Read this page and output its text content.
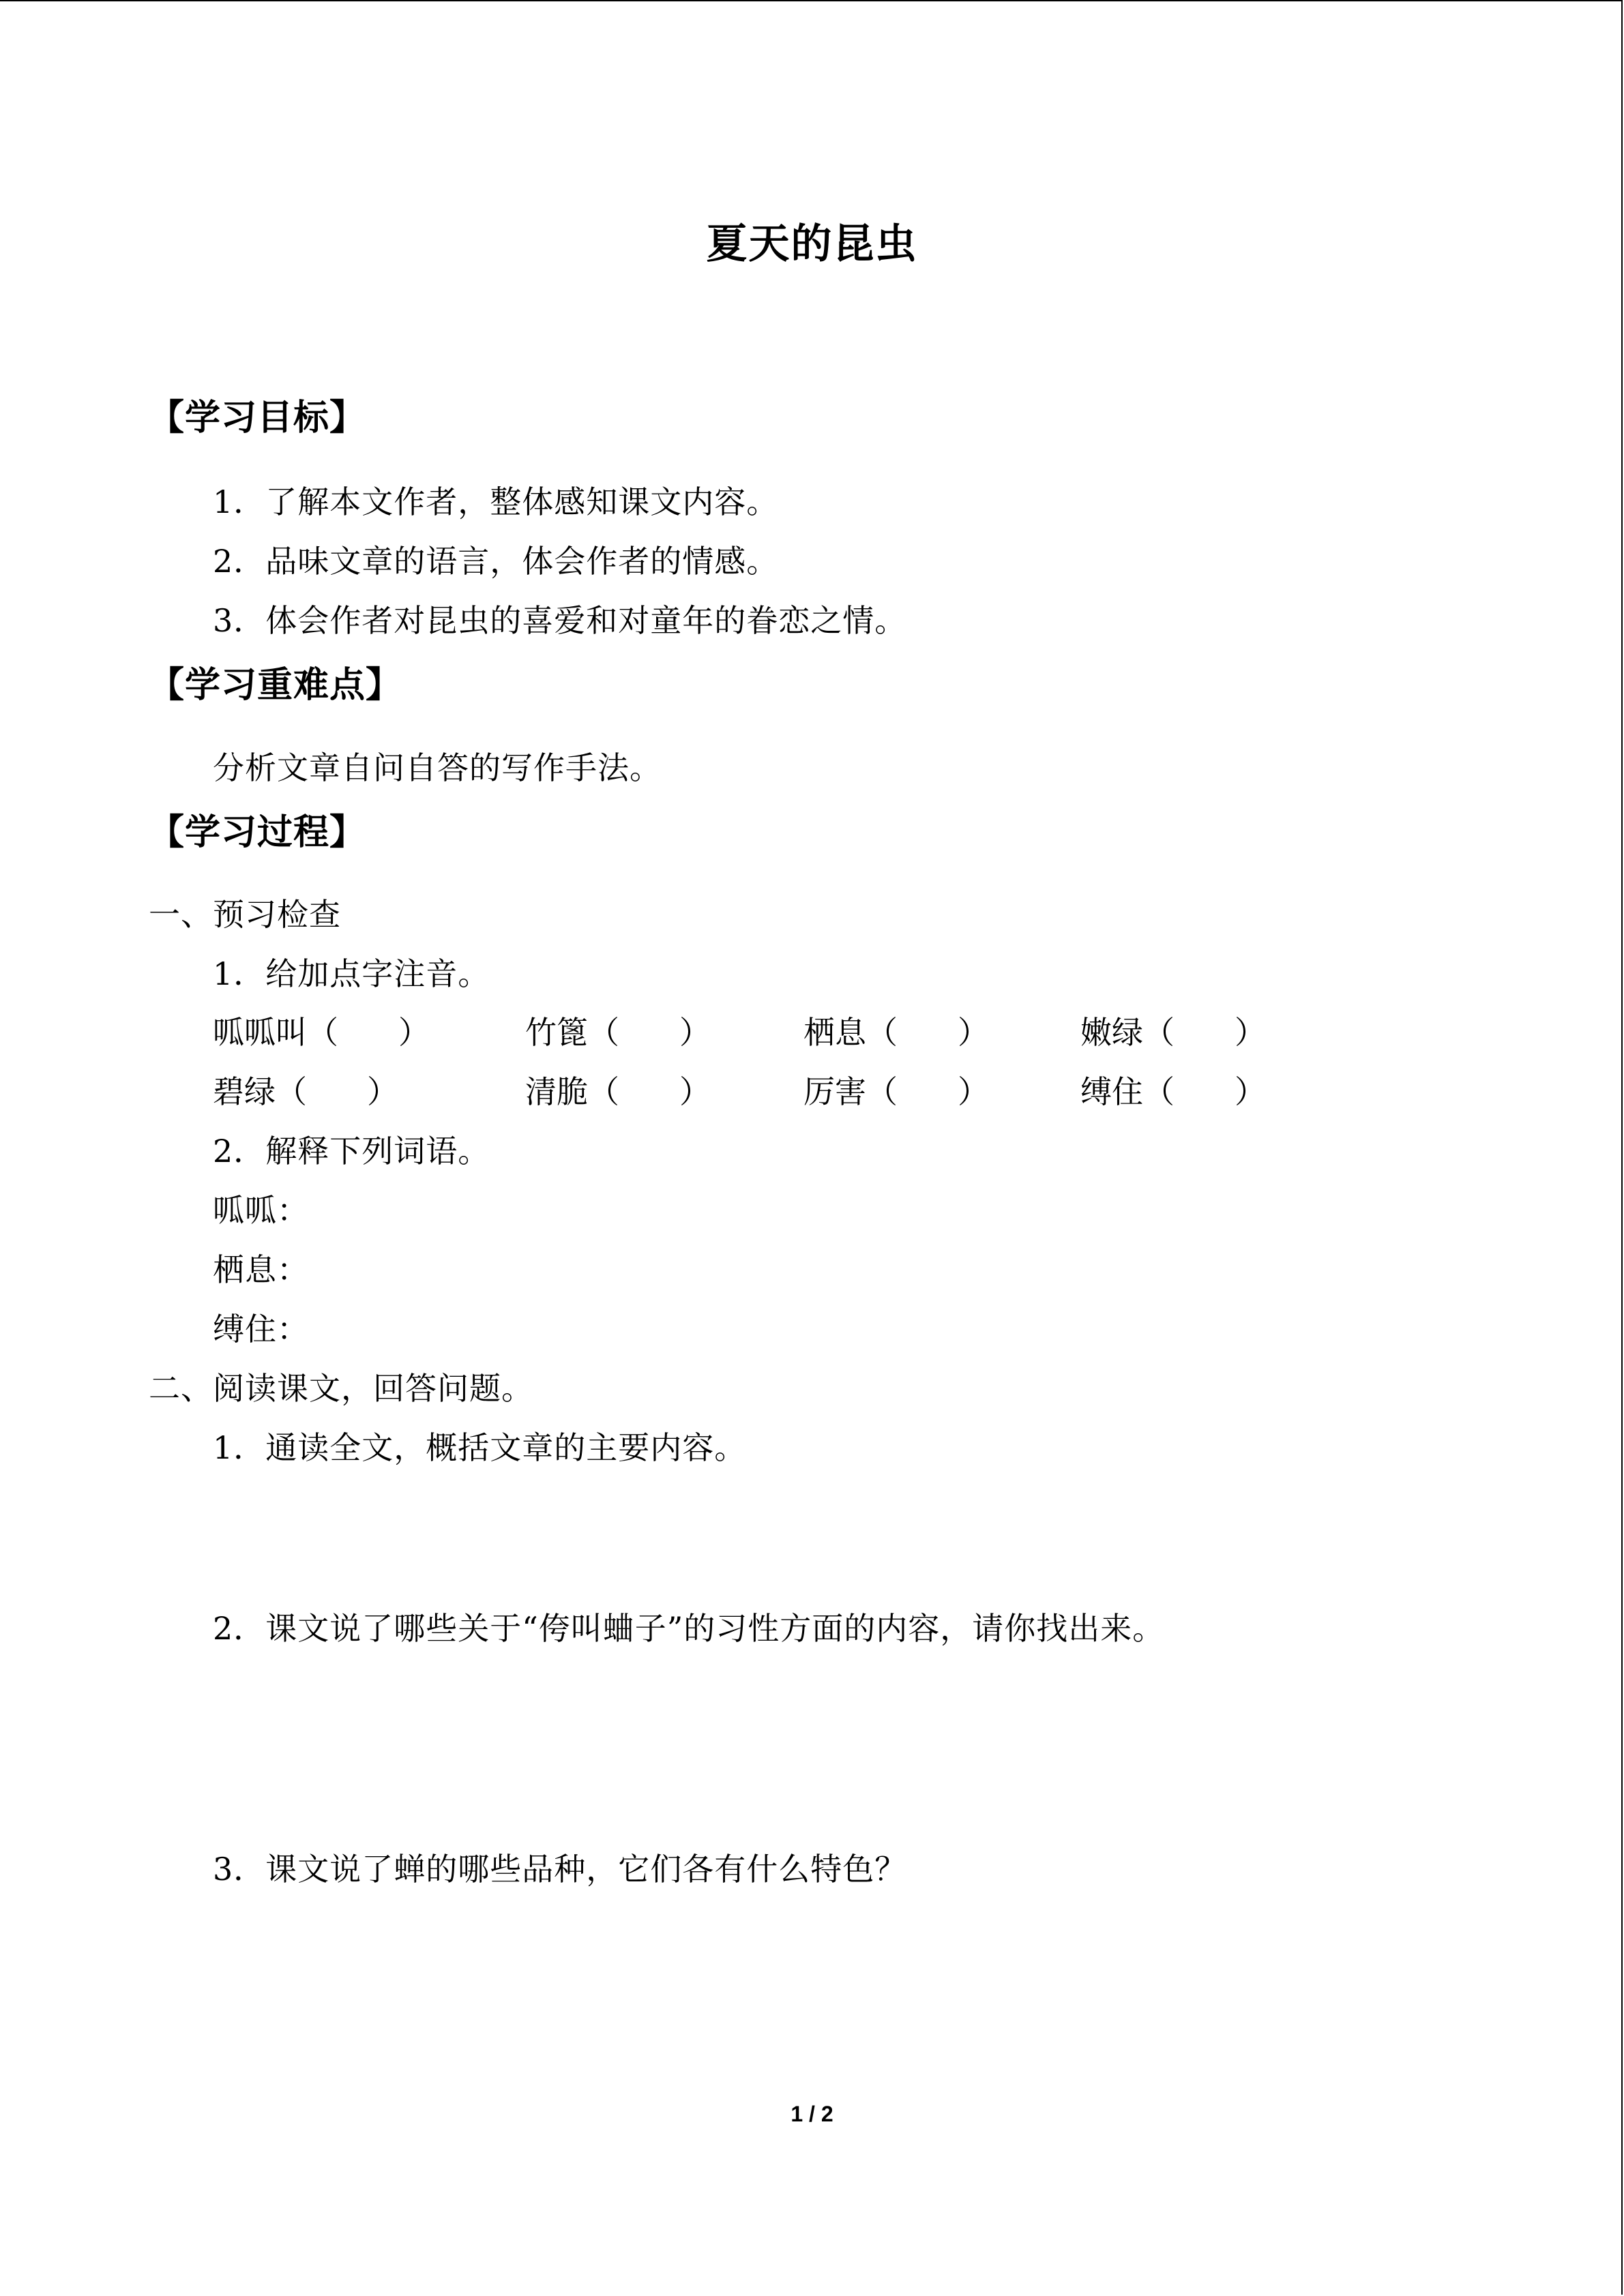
夏天的昆虫
【学习目标】
1．了解本文作者，整体感知课文内容。
2．品味文章的语言，体会作者的情感。
3．体会作者对昆虫的喜爱和对童年的眷恋之情。
【学习重难点】
分析文章自问自答的写作手法。
【学习过程】
一、预习检查
1．给加点字注音。
呱呱叫（ ）	竹篦（ ）	栖息（ ）	嫩绿（ ）
碧绿（ ）	清脆（ ）	厉害（ ）	缚住（ ）
2．解释下列词语。
呱呱：
栖息：
缚住：
二、阅读课文，回答问题。
1．通读全文，概括文章的主要内容。
2．课文说了哪些关于“侉叫蛐子”的习性方面的内容，请你找出来。
3．课文说了蝉的哪些品种，它们各有什么特色？
1 / 2
